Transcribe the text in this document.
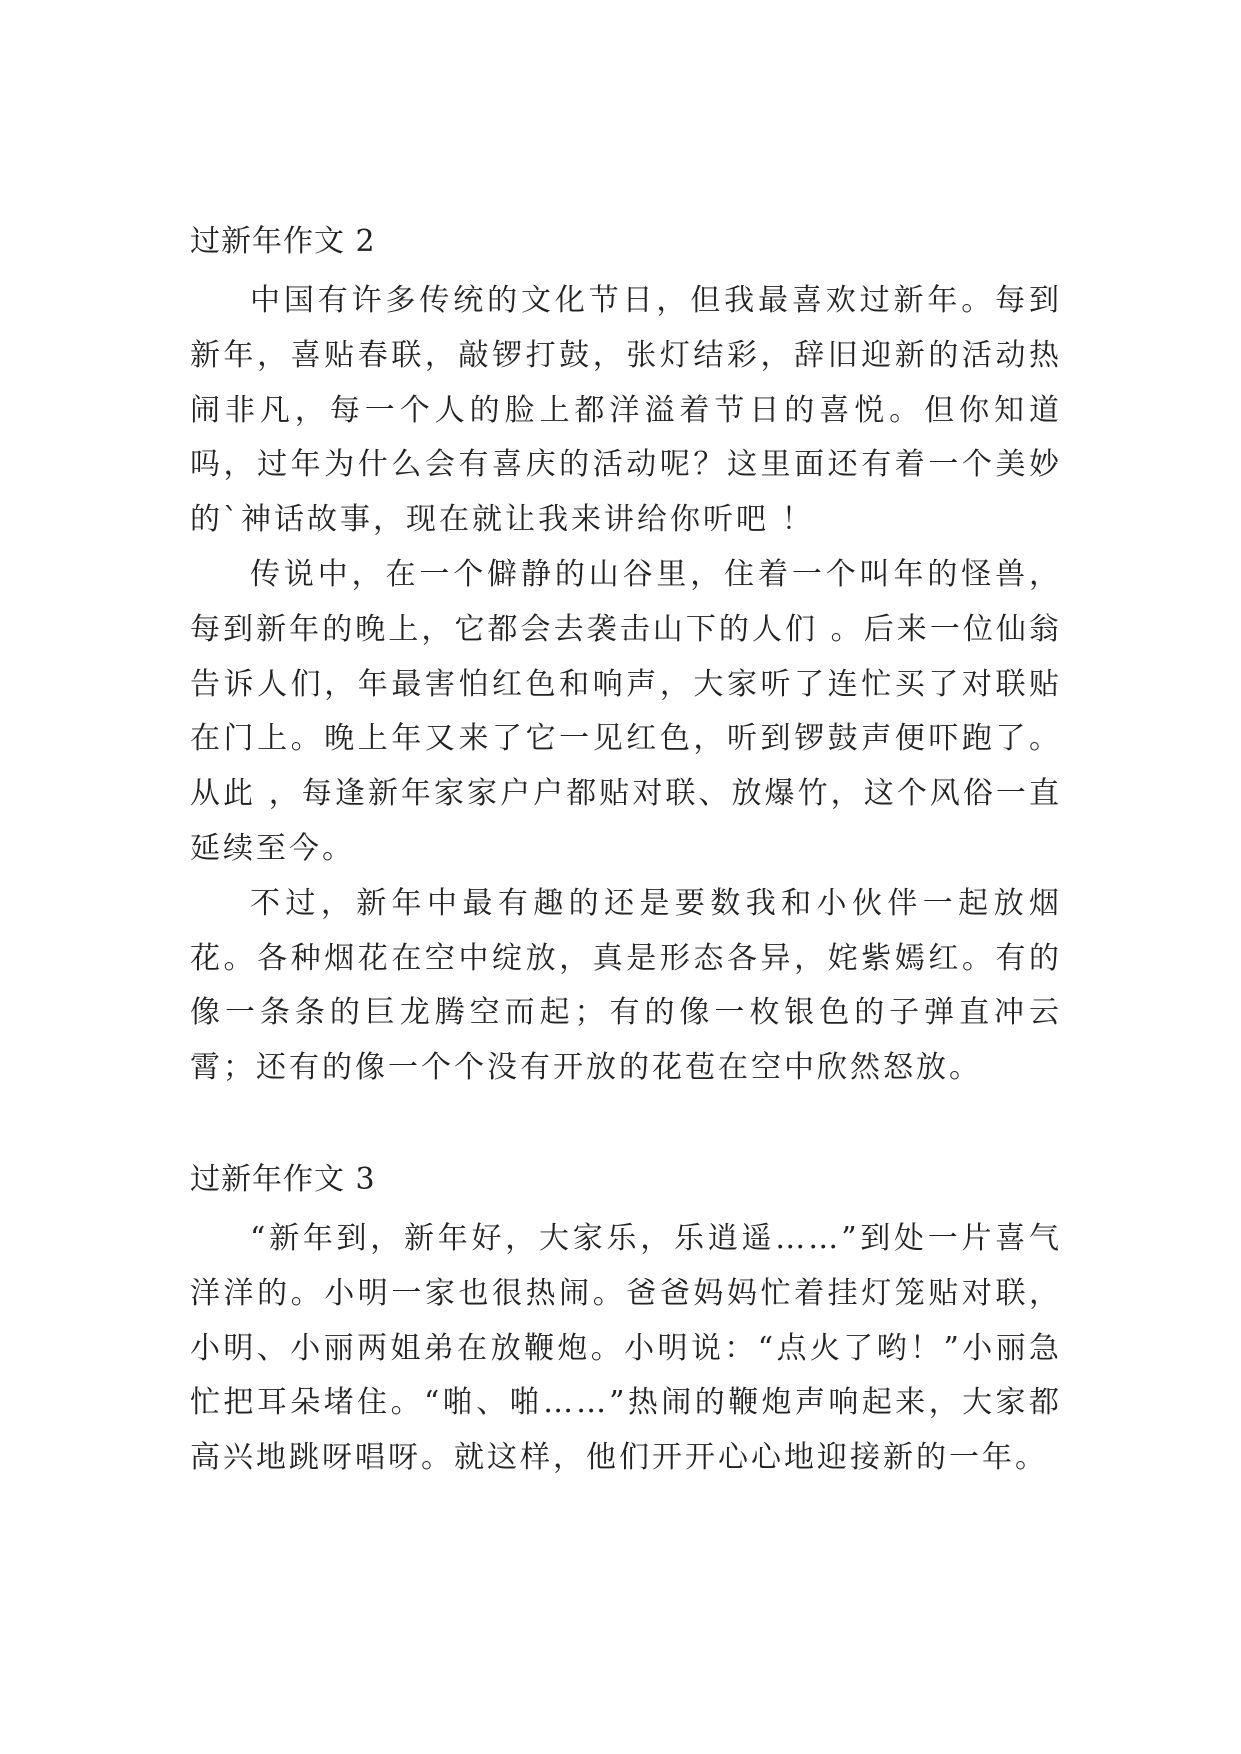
过新年作文 2

中国有许多传统的文化节日，但我最喜欢过新年。每到新年，喜贴春联，敲锣打鼓，张灯结彩，辞旧迎新的活动热闹非凡，每一个人的脸上都洋溢着节日的喜悦。但你知道吗，过年为什么会有喜庆的活动呢？这里面还有着一个美妙的`神话故事，现在就让我来讲给你听吧 ！

传说中，在一个僻静的山谷里，住着一个叫年的怪兽，每到新年的晚上，它都会去袭击山下的人们 。后来一位仙翁告诉人们，年最害怕红色和响声，大家听了连忙买了对联贴在门上。晚上年又来了它一见红色，听到锣鼓声便吓跑了。从此 ，每逢新年家家户户都贴对联、放爆竹，这个风俗一直延续至今。

不过，新年中最有趣的还是要数我和小伙伴一起放烟花。各种烟花在空中绽放，真是形态各异，姹紫嫣红。有的像一条条的巨龙腾空而起；有的像一枚银色的子弹直冲云霄；还有的像一个个没有开放的花苞在空中欣然怒放。

过新年作文 3

“新年到，新年好，大家乐，乐逍遥……”到处一片喜气洋洋的。小明一家也很热闹。爸爸妈妈忙着挂灯笼贴对联，小明、小丽两姐弟在放鞭炮。小明说：“点火了哟！”小丽急忙把耳朵堵住。“啪、啪……”热闹的鞭炮声响起来，大家都高兴地跳呀唱呀。就这样，他们开开心心地迎接新的一年。
